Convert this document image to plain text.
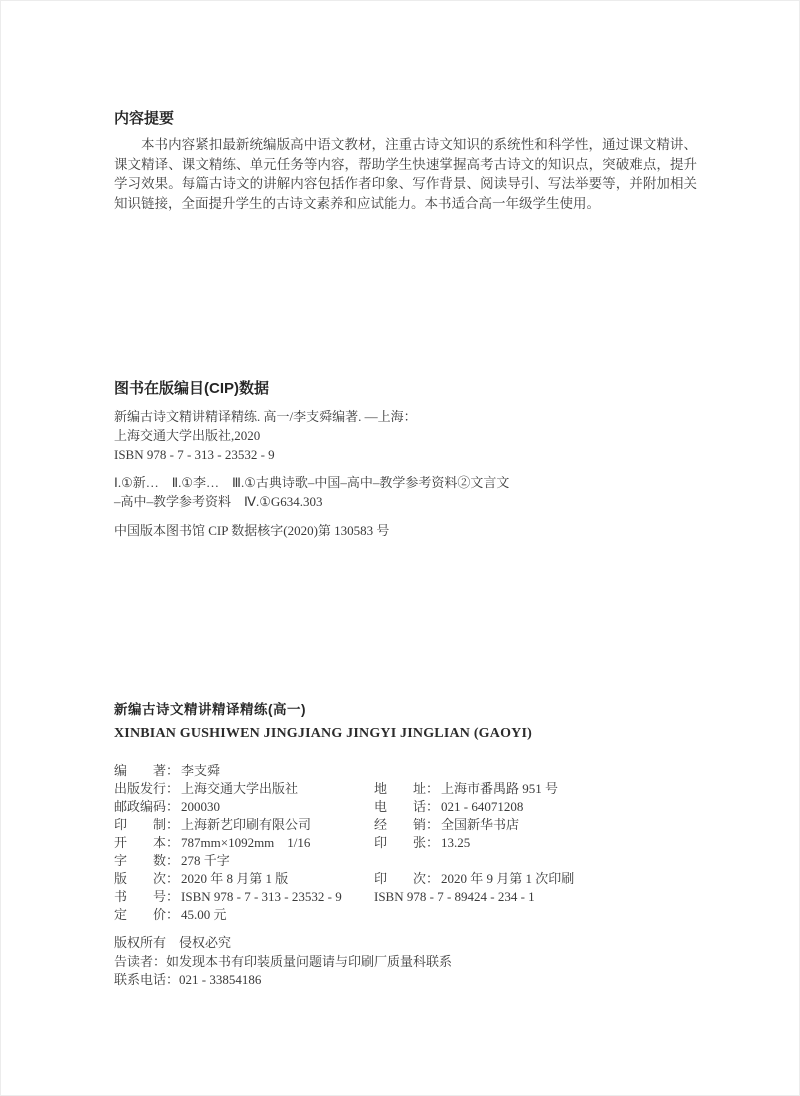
内容提要

本书内容紧扣最新统编版高中语文教材，注重古诗文知识的系统性和科学性，通过课文精讲、课文精译、课文精练、单元任务等内容，帮助学生快速掌握高考古诗文的知识点，突破难点，提升学习效果。每篇古诗文的讲解内容包括作者印象、写作背景、阅读导引、写法举要等，并附加相关知识链接，全面提升学生的古诗文素养和应试能力。本书适合高一年级学生使用。

图书在版编目(CIP)数据
新编古诗文精讲精译精练. 高一/李支舜编著. —上海：
上海交通大学出版社,2020
ISBN 978 - 7 - 313 - 23532 - 9
Ⅰ.①新…　Ⅱ.①李…　Ⅲ.①古典诗歌–中国–高中–教学参考资料②文言文
–高中–教学参考资料　Ⅳ.①G634.303
中国版本图书馆 CIP 数据核字(2020)第 130583 号
新编古诗文精讲精译精练(高一)
XINBIAN GUSHIWEN JINGJIANG JINGYI JINGLIAN (GAOYI)
编　　著： 李支舜
出版发行： 上海交通大学出版社	地　　址： 上海市番禺路 951 号
邮政编码： 200030	电　　话： 021 - 64071208
印　　制： 上海新艺印刷有限公司	经　　销： 全国新华书店
开　　本： 787mm×1092mm　1/16	印　　张： 13.25
字　　数： 278 千字
版　　次： 2020 年 8 月第 1 版	印　　次： 2020 年 9 月第 1 次印刷
书　　号： ISBN 978 - 7 - 313 - 23532 - 9	ISBN 978 - 7 - 89424 - 234 - 1
定　　价： 45.00 元
版权所有　侵权必究
告读者：如发现本书有印装质量问题请与印刷厂质量科联系
联系电话：021 - 33854186
